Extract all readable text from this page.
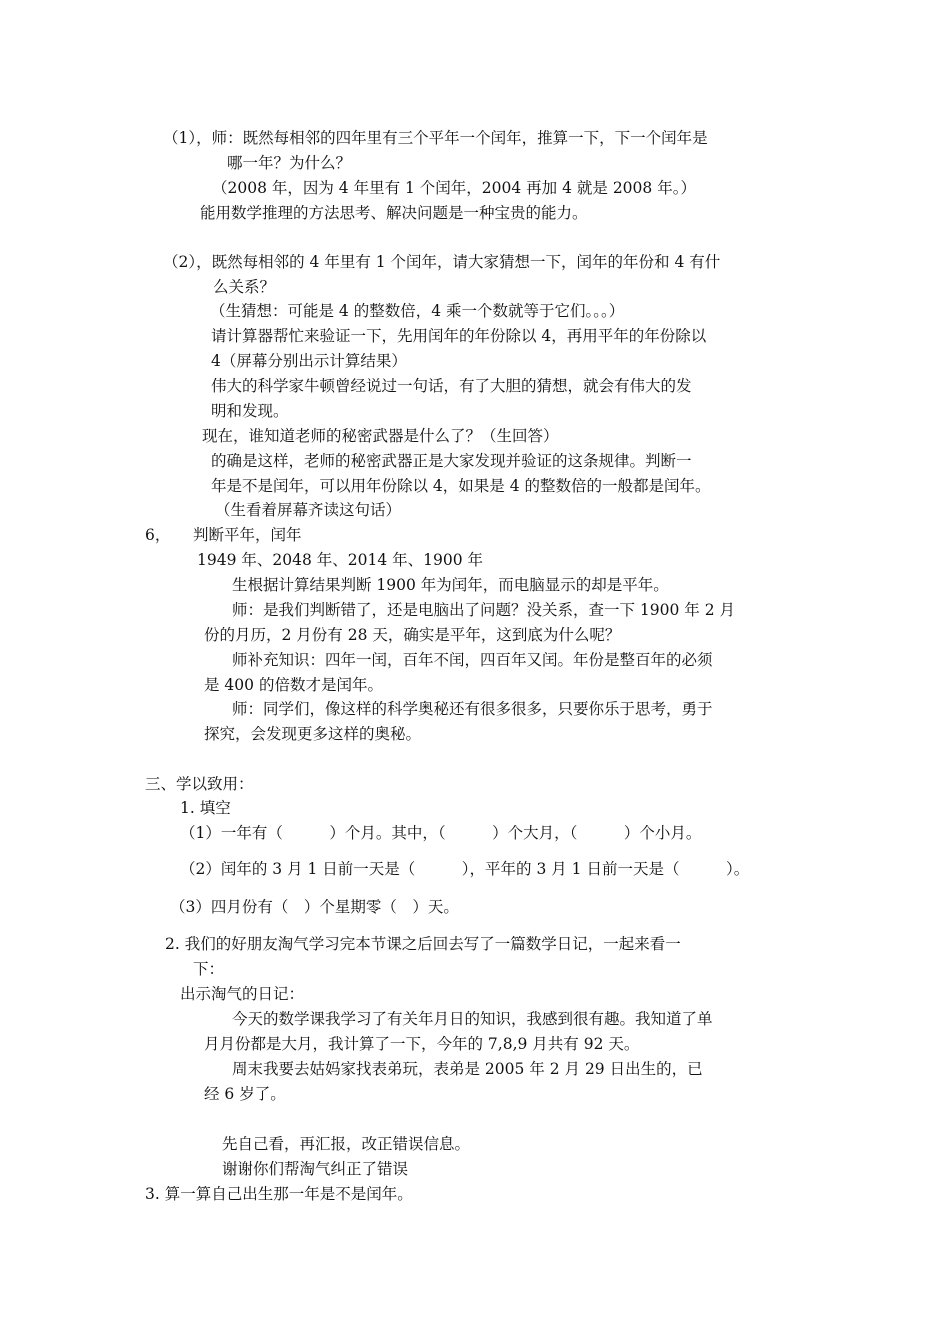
（1），师：既然每相邻的四年里有三个平年一个闰年，推算一下，下一个闰年是
哪一年？为什么？
（2008 年，因为 4 年里有 1 个闰年，2004 再加 4 就是 2008 年。）
能用数学推理的方法思考、解决问题是一种宝贵的能力。
（2），既然每相邻的 4 年里有 1 个闰年，请大家猜想一下，闰年的年份和 4 有什
么关系？
（生猜想：可能是 4 的整数倍，4 乘一个数就等于它们。。。）
请计算器帮忙来验证一下，先用闰年的年份除以 4，再用平年的年份除以
4（屏幕分别出示计算结果）
伟大的科学家牛顿曾经说过一句话，有了大胆的猜想，就会有伟大的发
明和发现。
现在，谁知道老师的秘密武器是什么了？（生回答）
的确是这样，老师的秘密武器正是大家发现并验证的这条规律。判断一
年是不是闰年，可以用年份除以 4，如果是 4 的整数倍的一般都是闰年。
（生看着屏幕齐读这句话）
6， 判断平年，闰年
1949 年、2048 年、2014 年、1900 年
生根据计算结果判断 1900 年为闰年，而电脑显示的却是平年。
师：是我们判断错了，还是电脑出了问题？没关系，查一下 1900 年 2 月
份的月历，2 月份有 28 天，确实是平年，这到底为什么呢？
师补充知识：四年一闰，百年不闰，四百年又闰。年份是整百年的必须
是 400 的倍数才是闰年。
师：同学们，像这样的科学奥秘还有很多很多，只要你乐于思考，勇于
探究，会发现更多这样的奥秘。
三、学以致用：
1. 填空
（1）一年有（　　　）个月。其中，（　　　）个大月，（　　　）个小月。
（2）闰年的 3 月 1 日前一天是（　　　），平年的 3 月 1 日前一天是（　　　）。
（3）四月份有（　）个星期零（　）天。
2. 我们的好朋友淘气学习完本节课之后回去写了一篇数学日记，一起来看一
下：
出示淘气的日记：
今天的数学课我学习了有关年月日的知识，我感到很有趣。我知道了单
月月份都是大月，我计算了一下，今年的 7,8,9 月共有 92 天。
周末我要去姑妈家找表弟玩，表弟是 2005 年 2 月 29 日出生的，已
经 6 岁了。
先自己看，再汇报，改正错误信息。
谢谢你们帮淘气纠正了错误
3. 算一算自己出生那一年是不是闰年。
